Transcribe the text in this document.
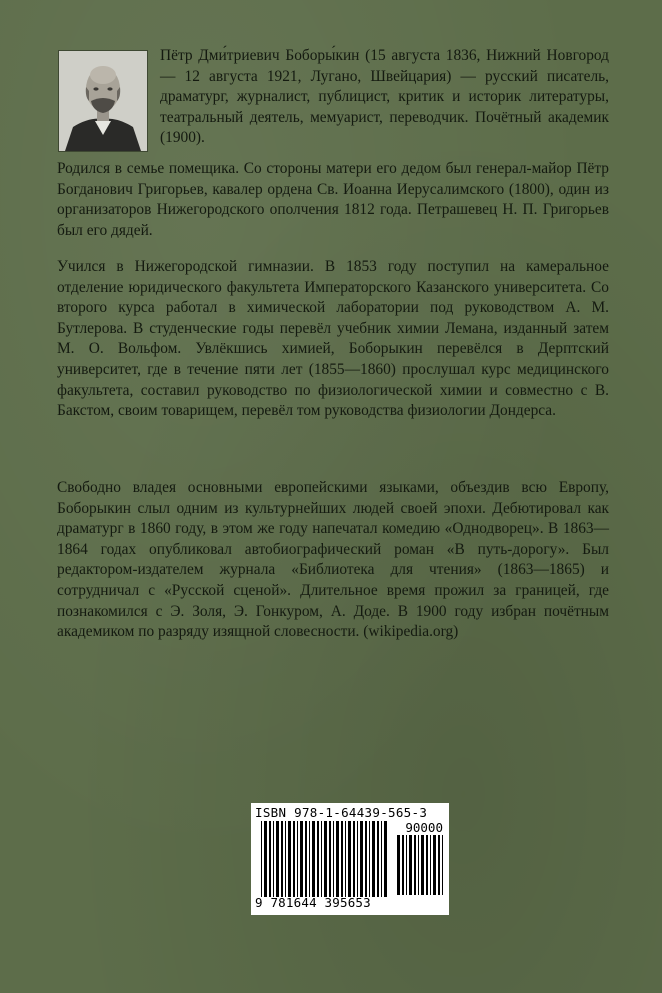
Пётр Дми́триевич Боборы́кин (15 августа 1836, Нижний Новгород — 12 августа 1921, Лугано, Швейцария) — русский писатель, драматург, журналист, публицист, критик и историк литературы, театральный деятель, мемуарист, переводчик. Почётный академик (1900).

Родился в семье помещика. Со стороны матери его дедом был генерал-майор Пётр Богданович Григорьев, кавалер ордена Св. Иоанна Иерусалимского (1800), один из организаторов Нижегородского ополчения 1812 года. Петрашевец Н. П. Григорьев был его дядей.

Учился в Нижегородской гимназии. В 1853 году поступил на камеральное отделение юридического факультета Императорского Казанского университета. Со второго курса работал в химической лаборатории под руководством А. М. Бутлерова. В студенческие годы перевёл учебник химии Лемана, изданный затем М. О. Вольфом. Увлёкшись химией, Боборыкин перевёлся в Дерптский университет, где в течение пяти лет (1855—1860) прослушал курс медицинского факультета, составил руководство по физиологической химии и совместно с В. Бакстом, своим товарищем, перевёл том руководства физиологии Дондерса.

Свободно владея основными европейскими языками, объездив всю Европу, Боборыкин слыл одним из культурнейших людей своей эпохи. Дебютировал как драматург в 1860 году, в этом же году напечатал комедию «Однодворец». В 1863—1864 годах опубликовал автобиографический роман «В путь-дорогу». Был редактором-издателем журнала «Библиотека для чтения» (1863—1865) и сотрудничал с «Русской сценой». Длительное время прожил за границей, где познакомился с Э. Золя, Э. Гонкуром, А. Доде. В 1900 году избран почётным академиком по разряду изящной словесности. (wikipedia.org)

ISBN 978-1-64439-565-3
90000
9 781644 395653
